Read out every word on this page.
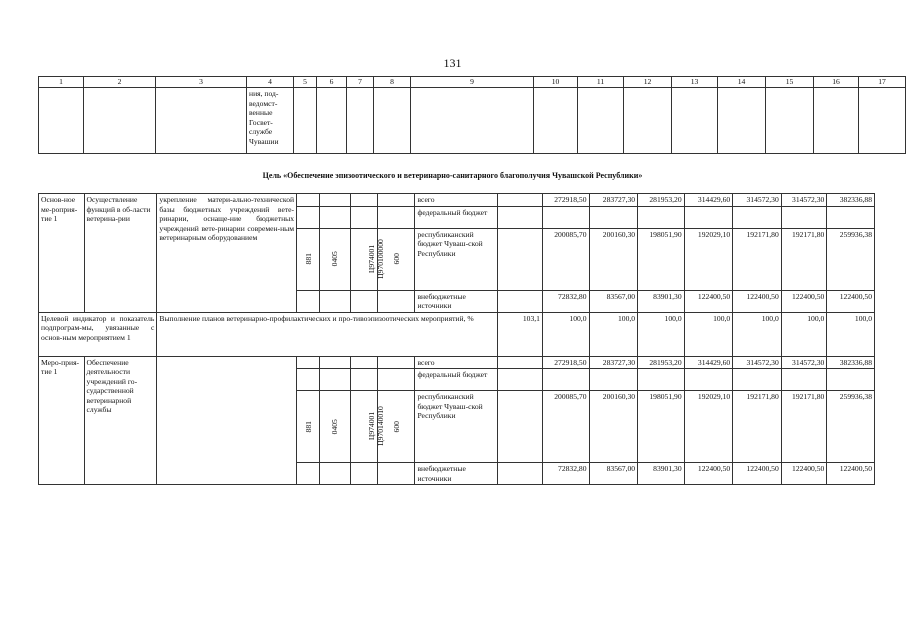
131
1	2	3	4	5	6	7	8	9	10	11	12	13	14	15	16	17
			ния, под-ведомст-венные Госвет-службе Чувашии													
Цель «Обеспечение эпизоотического и ветеринарно-санитарного благополучия Чувашской Республики»
Основ-ное ме-роприя-тие 1	Осуществление функций в об-ласти ветерина-рии	укрепление матери-ально-технической базы бюджетных учреждений вете-ринарии, оснаще-ние бюджетных учреждений вете-ринарии современ-ным ветеринарным оборудованием					всего		272918,50	283727,30	281953,20	314429,60	314572,30	314572,30	382336,88
							федеральный бюджет								
			881	0405	Ц974001 Ц970100000	600	республиканский бюджет Чуваш-ской Республики		200085,70	200160,30	198051,90	192029,10	192171,80	192171,80	259936,38
							внебюджетные источники		72832,80	83567,00	83901,30	122400,50	122400,50	122400,50	122400,50
Целевой индикатор и показатель подпрограм-мы, увязанные с основ-ным мероприятием 1		Выполнение планов ветеринарно-профилактических и про-тивоэпизоотических мероприятий, %						103,1	100,0	100,0	100,0	100,0	100,0	100,0	100,0
Меро-прия-тие 1	Обеспечение деятельности учреждений го-сударственной ветеринарной службы						всего		272918,50	283727,30	281953,20	314429,60	314572,30	314572,30	382336,88
							федеральный бюджет								
			881	0405	Ц974001 Ц970140010	600	республиканский бюджет Чуваш-ской Республики		200085,70	200160,30	198051,90	192029,10	192171,80	192171,80	259936,38
							внебюджетные источники		72832,80	83567,00	83901,30	122400,50	122400,50	122400,50	122400,50
